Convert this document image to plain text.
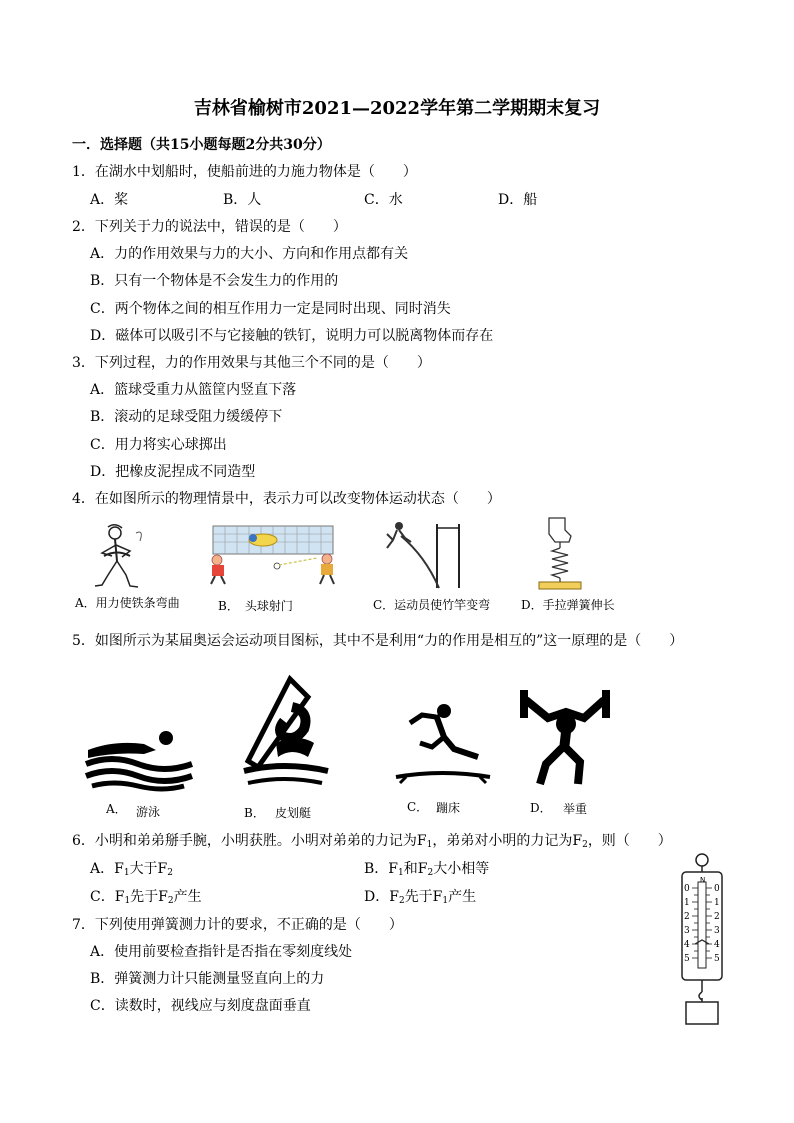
吉林省榆树市2021—2022学年第二学期期末复习
一．选择题（共15小题每题2分共30分）
1．在湖水中划船时，使船前进的力施力物体是（　　）
A．桨	B．人	C．水	D．船
2．下列关于力的说法中，错误的是（　　）
A．力的作用效果与力的大小、方向和作用点都有关
B．只有一个物体是不会发生力的作用的
C．两个物体之间的相互作用力一定是同时出现、同时消失
D．磁体可以吸引不与它接触的铁钉，说明力可以脱离物体而存在
3．下列过程，力的作用效果与其他三个不同的是（　　）
A．篮球受重力从篮筐内竖直下落
B．滚动的足球受阻力缓缓停下
C．用力将实心球掷出
D．把橡皮泥捏成不同造型
4．在如图所示的物理情景中，表示力可以改变物体运动状态（　　）
A．用力使铁条弯曲	B．　头球射门	C．运动员使竹竿变弯	D．手拉弹簧伸长
5．如图所示为某届奥运会运动项目图标，其中不是利用“力的作用是相互的”这一原理的是（　　）
A． 游泳	B． 皮划艇	C． 蹦床	D． 举重
6．小明和弟弟掰手腕，小明获胜。小明对弟弟的力记为$F_1$，弟弟对小明的力记为$F_2$，则（　　）
A．$F_1$大于$F_2$	B．$F_1$和$F_2$大小相等
C．$F_1$先于$F_2$产生	D．$F_2$先于$F_1$产生
7．下列使用弹簧测力计的要求，不正确的是（　　）
A．使用前要检查指针是否指在零刻度线处
B．弹簧测力计只能测量竖直向上的力
C．读数时，视线应与刻度盘面垂直
N
0
1
2
3
4
5
0
1
2
3
4
5
